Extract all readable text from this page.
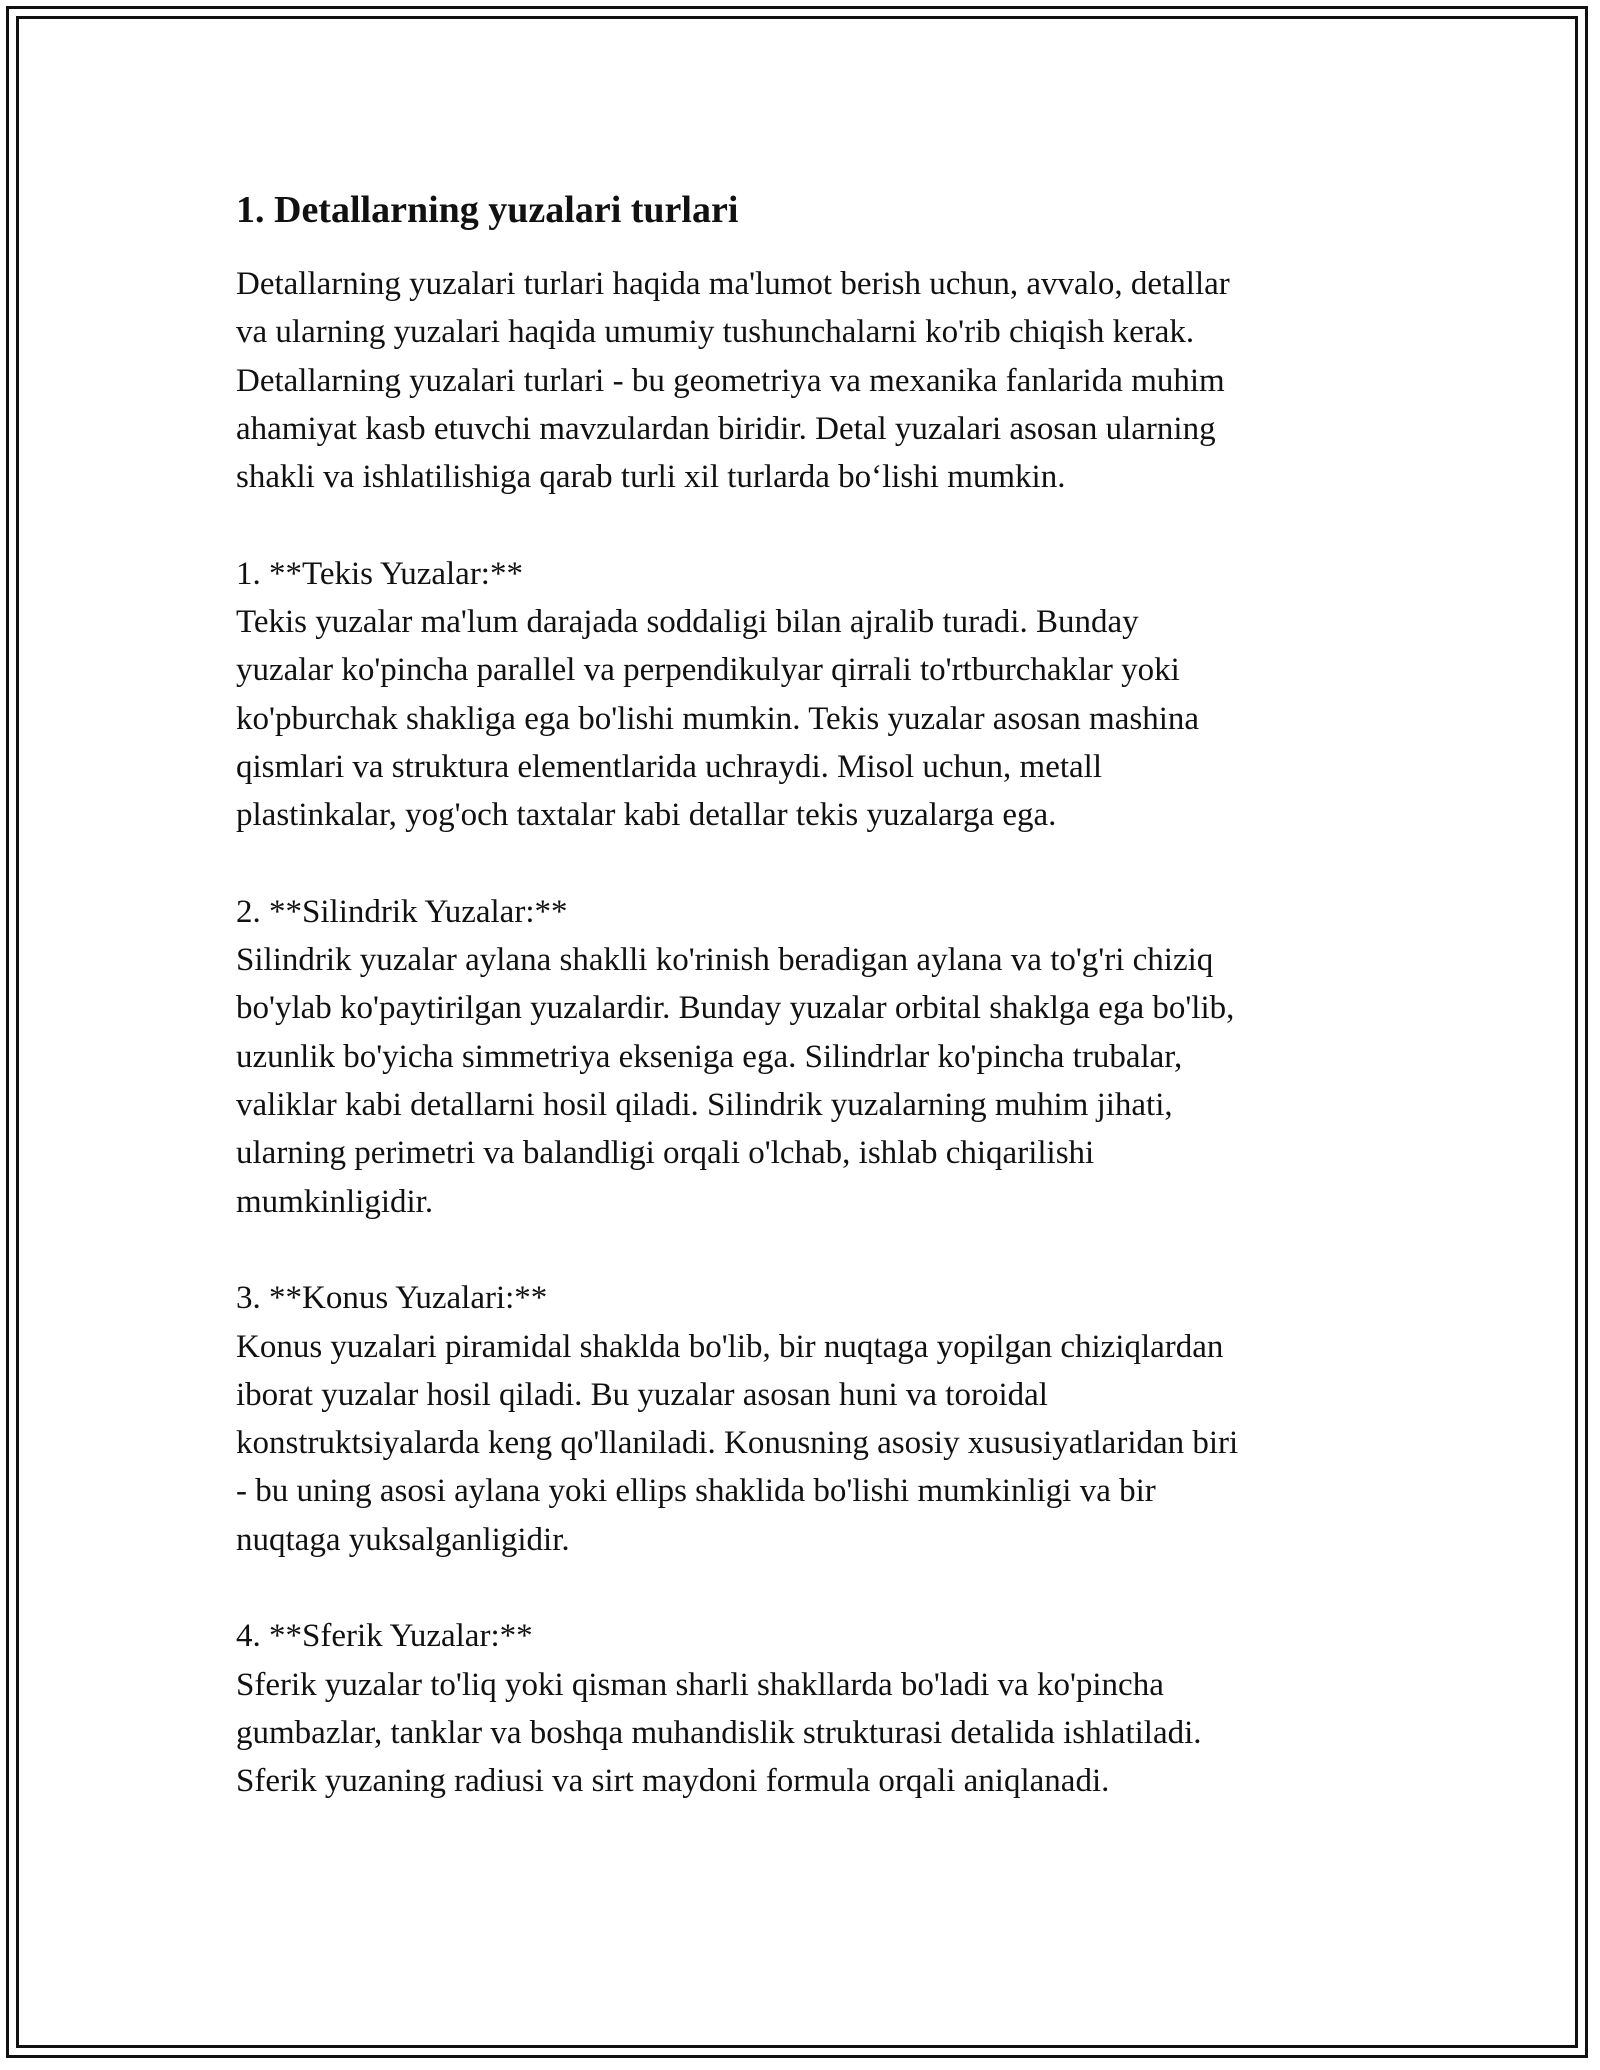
1. Detallarning yuzalari turlari

Detallarning yuzalari turlari haqida ma'lumot berish uchun, avvalo, detallar
va ularning yuzalari haqida umumiy tushunchalarni ko'rib chiqish kerak.
Detallarning yuzalari turlari - bu geometriya va mexanika fanlarida muhim
ahamiyat kasb etuvchi mavzulardan biridir. Detal yuzalari asosan ularning
shakli va ishlatilishiga qarab turli xil turlarda bo‘lishi mumkin.

1. **Tekis Yuzalar:**

Tekis yuzalar ma'lum darajada soddaligi bilan ajralib turadi. Bunday
yuzalar ko'pincha parallel va perpendikulyar qirrali to'rtburchaklar yoki
ko'pburchak shakliga ega bo'lishi mumkin. Tekis yuzalar asosan mashina
qismlari va struktura elementlarida uchraydi. Misol uchun, metall
plastinkalar, yog'och taxtalar kabi detallar tekis yuzalarga ega.

2. **Silindrik Yuzalar:**

Silindrik yuzalar aylana shaklli ko'rinish beradigan aylana va to'g'ri chiziq
bo'ylab ko'paytirilgan yuzalardir. Bunday yuzalar orbital shaklga ega bo'lib,
uzunlik bo'yicha simmetriya ekseniga ega. Silindrlar ko'pincha trubalar,
valiklar kabi detallarni hosil qiladi. Silindrik yuzalarning muhim jihati,
ularning perimetri va balandligi orqali o'lchab, ishlab chiqarilishi
mumkinligidir.

3. **Konus Yuzalari:**

Konus yuzalari piramidal shaklda bo'lib, bir nuqtaga yopilgan chiziqlardan
iborat yuzalar hosil qiladi. Bu yuzalar asosan huni va toroidal
konstruktsiyalarda keng qo'llaniladi. Konusning asosiy xususiyatlaridan biri
- bu uning asosi aylana yoki ellips shaklida bo'lishi mumkinligi va bir
nuqtaga yuksalganligidir.

4. **Sferik Yuzalar:**

Sferik yuzalar to'liq yoki qisman sharli shakllarda bo'ladi va ko'pincha
gumbazlar, tanklar va boshqa muhandislik strukturasi detalida ishlatiladi.
Sferik yuzaning radiusi va sirt maydoni formula orqali aniqlanadi.
